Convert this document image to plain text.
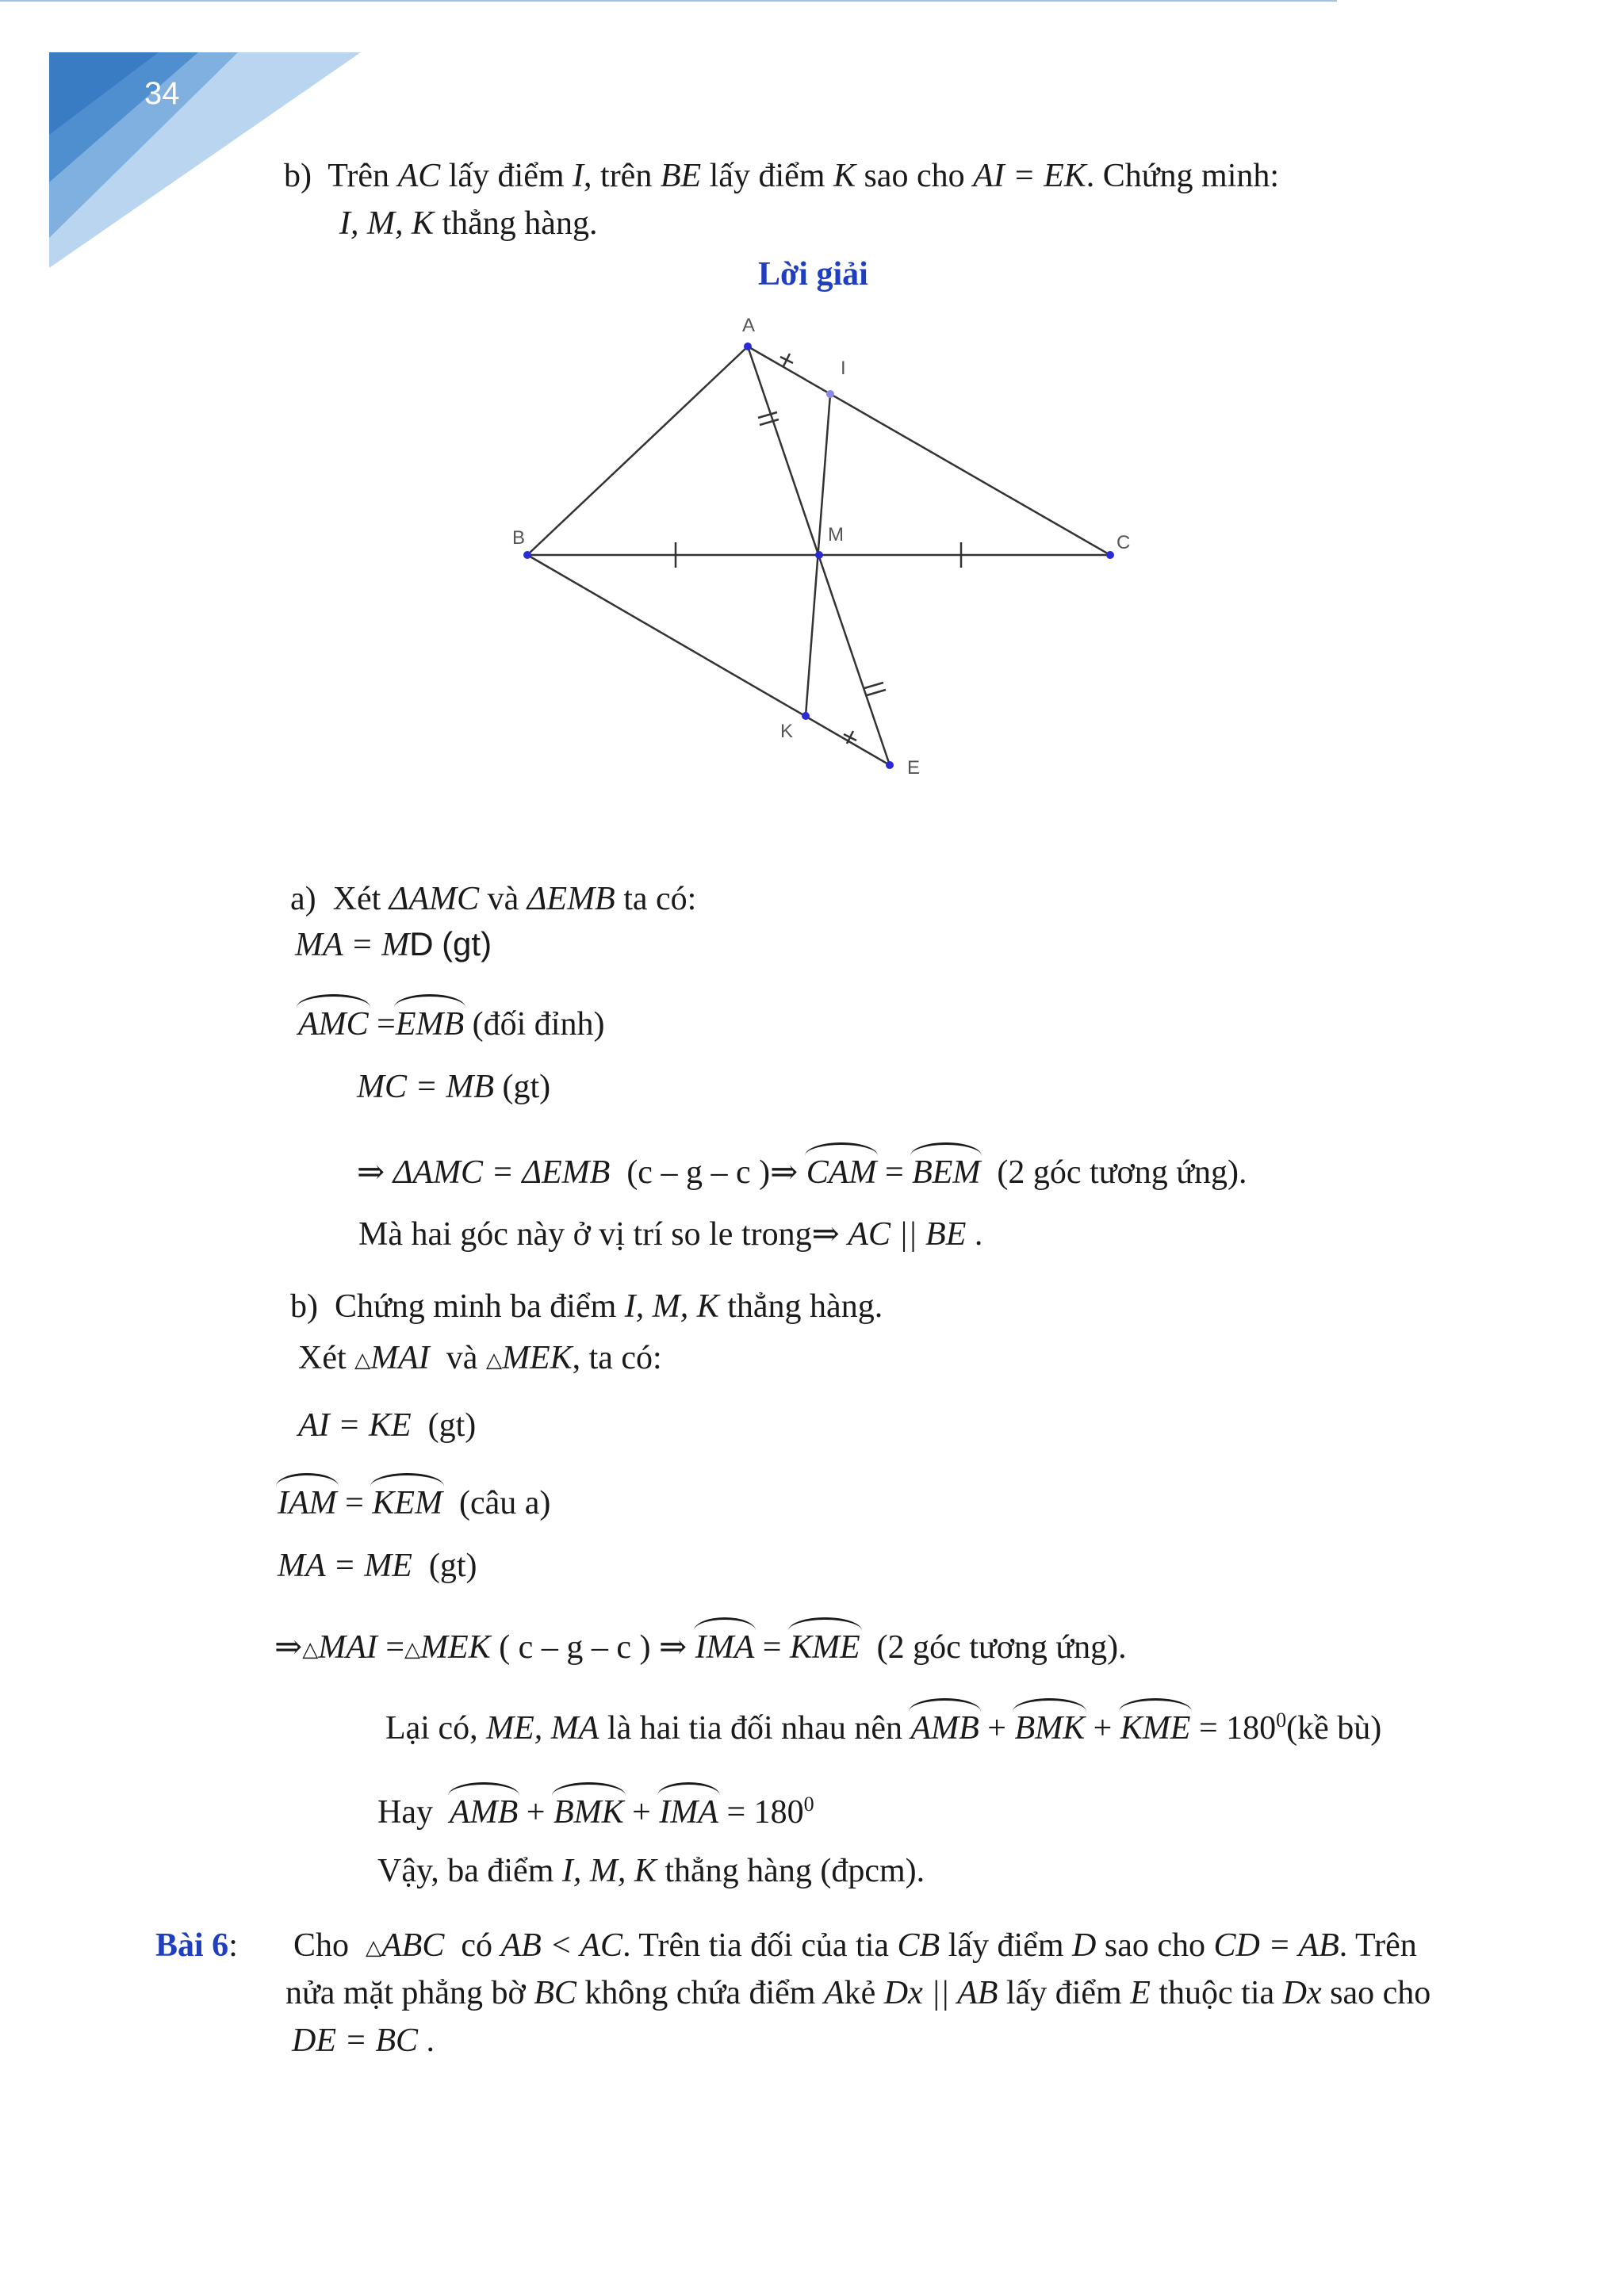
34
b) Trên AC lấy điểm I, trên BE lấy điểm K sao cho AI = EK. Chứng minh:
I, M, K thẳng hàng.
Lời giải
A
I
B	M	C
K
E
a) Xét ΔAMC và ΔEMB ta có:
MA = MD (gt)
AMC =EMB (đối đỉnh)
MC = MB (gt)
⇒ ΔAMC = ΔEMB (c – g – c )⇒ CAM = BEM (2 góc tương ứng).
Mà hai góc này ở vị trí so le trong⇒ AC || BE .
b) Chứng minh ba điểm I, M, K thẳng hàng.
Xét △MAI và △MEK, ta có:
AI = KE (gt)
IAM = KEM (câu a)
MA = ME (gt)
⇒△MAI =△MEK ( c – g – c ) ⇒ IMA = KME (2 góc tương ứng).
Lại có, ME, MA là hai tia đối nhau nên AMB + BMK + KME = $180^0(kề$ bù)
Hay AMB + BMK + IMA = $180^0$
Vậy, ba điểm I, M, K thẳng hàng (đpcm).
Bài 6: Cho △ABC có AB < AC. Trên tia đối của tia CB lấy điểm D sao cho CD = AB. Trên
nửa mặt phẳng bờ BC không chứa điểm Akẻ Dx || AB lấy điểm E thuộc tia Dx sao cho
DE = BC .
